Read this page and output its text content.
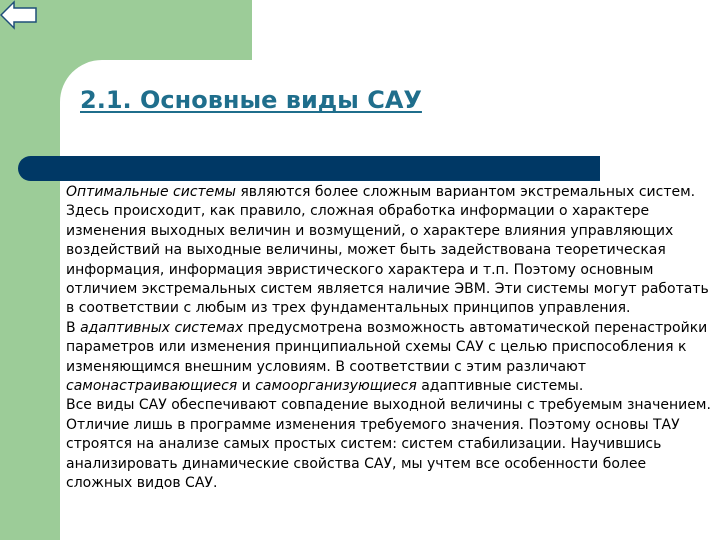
2.1. Основные виды САУ

Оптимальные системы являются более сложным вариантом экстремальных систем. Здесь происходит, как правило, сложная обработка информации о характере изменения выходных величин и возмущений, о характере влияния управляющих воздействий на выходные величины, может быть задействована теоретическая информация, информация эвристического характера и т.п. Поэтому основным отличием экстремальных систем является наличие ЭВМ. Эти системы могут работать в соответствии с любым из трех фундаментальных принципов управления.

В адаптивных системах предусмотрена возможность автоматической перенастройки параметров или изменения принципиальной схемы САУ с целью приспособления к изменяющимся внешним условиям. В соответствии с этим различают самонастраивающиеся и самоорганизующиеся адаптивные системы.

Все виды САУ обеспечивают совпадение выходной величины с требуемым значением. Отличие лишь в программе изменения требуемого значения. Поэтому основы ТАУ строятся на анализе самых простых систем: систем стабилизации. Научившись анализировать динамические свойства САУ, мы учтем все особенности более сложных видов САУ.
